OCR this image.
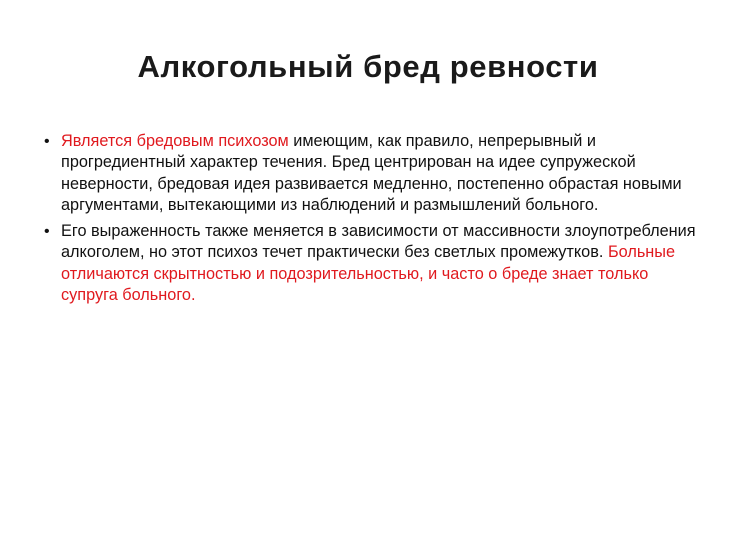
Алкогольный бред ревности
• Является бредовым психозом имеющим, как правило, непрерывный и прогредиентный характер течения. Бред центрирован на идее супружеской неверности, бредовая идея развивается медленно, постепенно обрастая новыми аргументами, вытекающими из наблюдений и размышлений больного.
• Его выраженность также меняется в зависимости от массивности злоупотребления алкоголем, но этот психоз течет практически без светлых промежутков. Больные отличаются скрытностью и подозрительностью, и часто о бреде знает только супруга больного.
